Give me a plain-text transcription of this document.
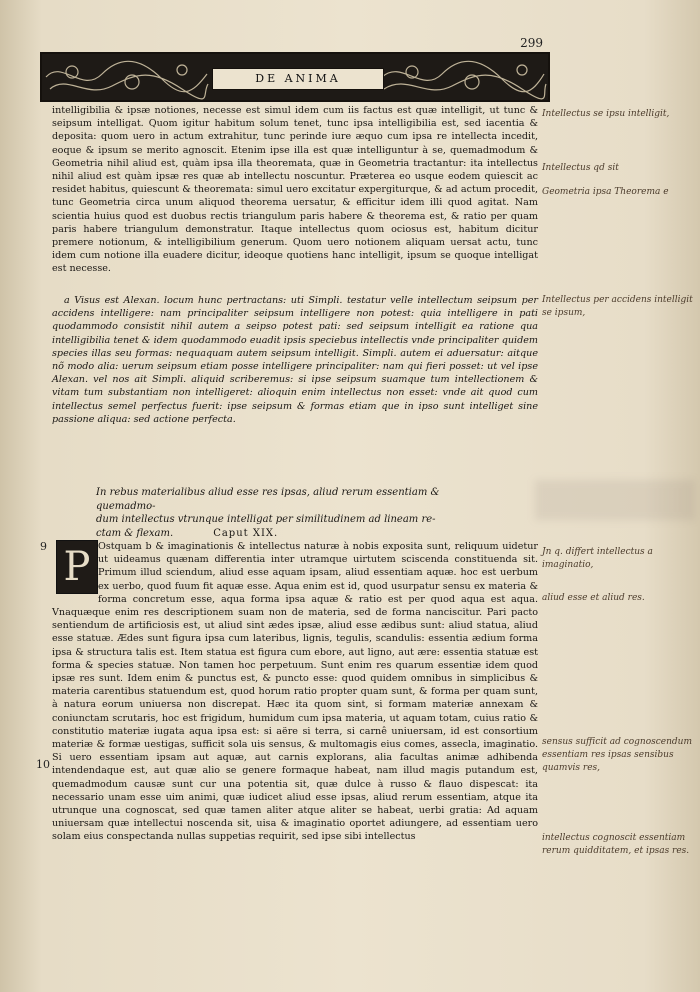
299
DE ANIMA

intelligibilia & ipsæ notiones, necesse est simul idem cum iis factus est quæ intelligit, ut tunc & seipsum intelligat. Quom igitur habitum solum tenet, tunc ipsa intelligibilia est, sed iacentia & deposita: quom uero in actum extrahitur, tunc perinde iure æquo cum ipsa re intellecta incedit, eoque & ipsum se merito agnoscit. Etenim ipse illa est quæ intelliguntur à se, quemadmodum & Geometria nihil aliud est, quàm ipsa illa theoremata, quæ in Geometria tractantur: ita intellectus nihil aliud est quàm ipsæ res quæ ab intellectu noscuntur. Præterea eo usque eodem quiescit ac residet habitus, quiescunt & theoremata: simul uero excitatur expergiturque, & ad actum procedit, tunc Geometria circa unum aliquod theorema uersatur, & efficitur idem illi quod agitat. Nam scientia huius quod est duobus rectis triangulum paris habere & theorema est, & ratio per quam paris habere triangulum demonstratur. Itaque intellectus quom ociosus est, habitum dicitur premere notionum, & intelligibilium generum. Quom uero notionem aliquam uersat actu, tunc idem cum notione illa euadere dicitur, ideoque quotiens hanc intelligit, ipsum se quoque intelligat est necesse.

a Visus est Alexan. locum hunc pertractans: uti Simpli. testatur velle intellectum seipsum per accidens intelligere: nam principaliter seipsum intelligere non potest: quia intelligere in pati quodammodo consistit nihil autem a seipso potest pati: sed seipsum intelligit ea ratione qua intelligibilia tenet & idem quodammodo euadit ipsis speciebus intellectis vnde principaliter quidem species illas seu formas: nequaquam autem seipsum intelligit. Simpli. autem ei aduersatur: aitque nõ modo alia: uerum seipsum etiam posse intelligere principaliter: nam qui fieri posset: ut vel ipse Alexan. vel nos ait Simpli. aliquid scriberemus: si ipse seipsum suamque tum intellectionem & vitam tum substantiam non intelligeret: alioquin enim intellectus non esset: vnde ait quod cum intellectus semel perfectus fuerit: ipse seipsum & formas etiam que in ipso sunt intelliget sine passione aliqua: sed actione perfecta.

In rebus materialibus aliud esse res ipsas, aliud rerum essentiam & quemadmo-
dum intellectus vtrunque intelligat per similitudinem ad lineam re-
ctam & flexam.	Caput XIX.
9
10
Ostquam b & imaginationis & intellectus naturæ à nobis exposita sunt, reliquum uidetur ut uideamus quænam differentia inter utramque uirtutem sciscenda constituenda sit. Primum illud sciendum, aliud esse aquam ipsam, aliud essentiam aquæ. hoc est uerbum ex uerbo, quod fuum fit aquæ esse. Aqua enim est id, quod usurpatur sensu ex materia & forma concretum esse, aqua forma ipsa aquæ & ratio est per quod aqua est aqua. Vnaquæque enim res descriptionem suam non de materia, sed de forma nanciscitur. Pari pacto sentiendum de artificiosis est, ut aliud sint ædes ipsæ, aliud esse ædibus sunt: aliud statua, aliud esse statuæ. Ædes sunt figura ipsa cum lateribus, lignis, tegulis, scandulis: essentia ædium forma ipsa & structura talis est. Item statua est figura cum ebore, aut ligno, aut ære: essentia statuæ est forma & species statuæ. Non tamen hoc perpetuum. Sunt enim res quarum essentiæ idem quod ipsæ res sunt. Idem enim & punctus est, & puncto esse: quod quidem omnibus in simplicibus & materia carentibus statuendum est, quod horum ratio propter quam sunt, & forma per quam sunt, à natura eorum uniuersa non discrepat. Hæc ita quom sint, si formam materiæ annexam & coniunctam scrutaris, hoc est frigidum, humidum cum ipsa materia, ut aquam totam, cuius ratio & constitutio materiæ iugata aqua ipsa est: si aëre si terra, si carnê uniuersam, id est consortium materiæ & formæ uestigas, sufficit sola uis sensus, & multomagis eius comes, assecla, imaginatio. Si uero essentiam ipsam aut aquæ, aut carnis explorans, alia facultas animæ adhibenda intendendaque est, aut quæ alio se genere formaque habeat, nam illud magis putandum est, quemadmodum causæ sunt cur una potentia sit, quæ dulce à russo & flauo dispescat: ita necessario unam esse uim animi, quæ iudicet aliud esse ipsas, aliud rerum essentiam, atque ita utrunque una cognoscat, sed quæ tamen aliter atque aliter se habeat, uerbi gratia: Ad aquam uniuersam quæ intellectui noscenda sit, uisa & imaginatio oportet adiungere, ad essentiam uero solam eius conspectanda nullas suppetias requirit, sed ipse sibi intellectus
P
Intellectus se ipsu intelligit,
Intellectus qd sit
Geometria ipsa Theorema e
Intellectus per accidens intelligit se ipsum,
Jn q. differt intellectus a imaginatio,
aliud esse et aliud res.
sensus sufficit ad cognoscendum essentiam res ipsas sensibus quamvis res,
intellectus cognoscit essentiam rerum quidditatem, et ipsas res.
